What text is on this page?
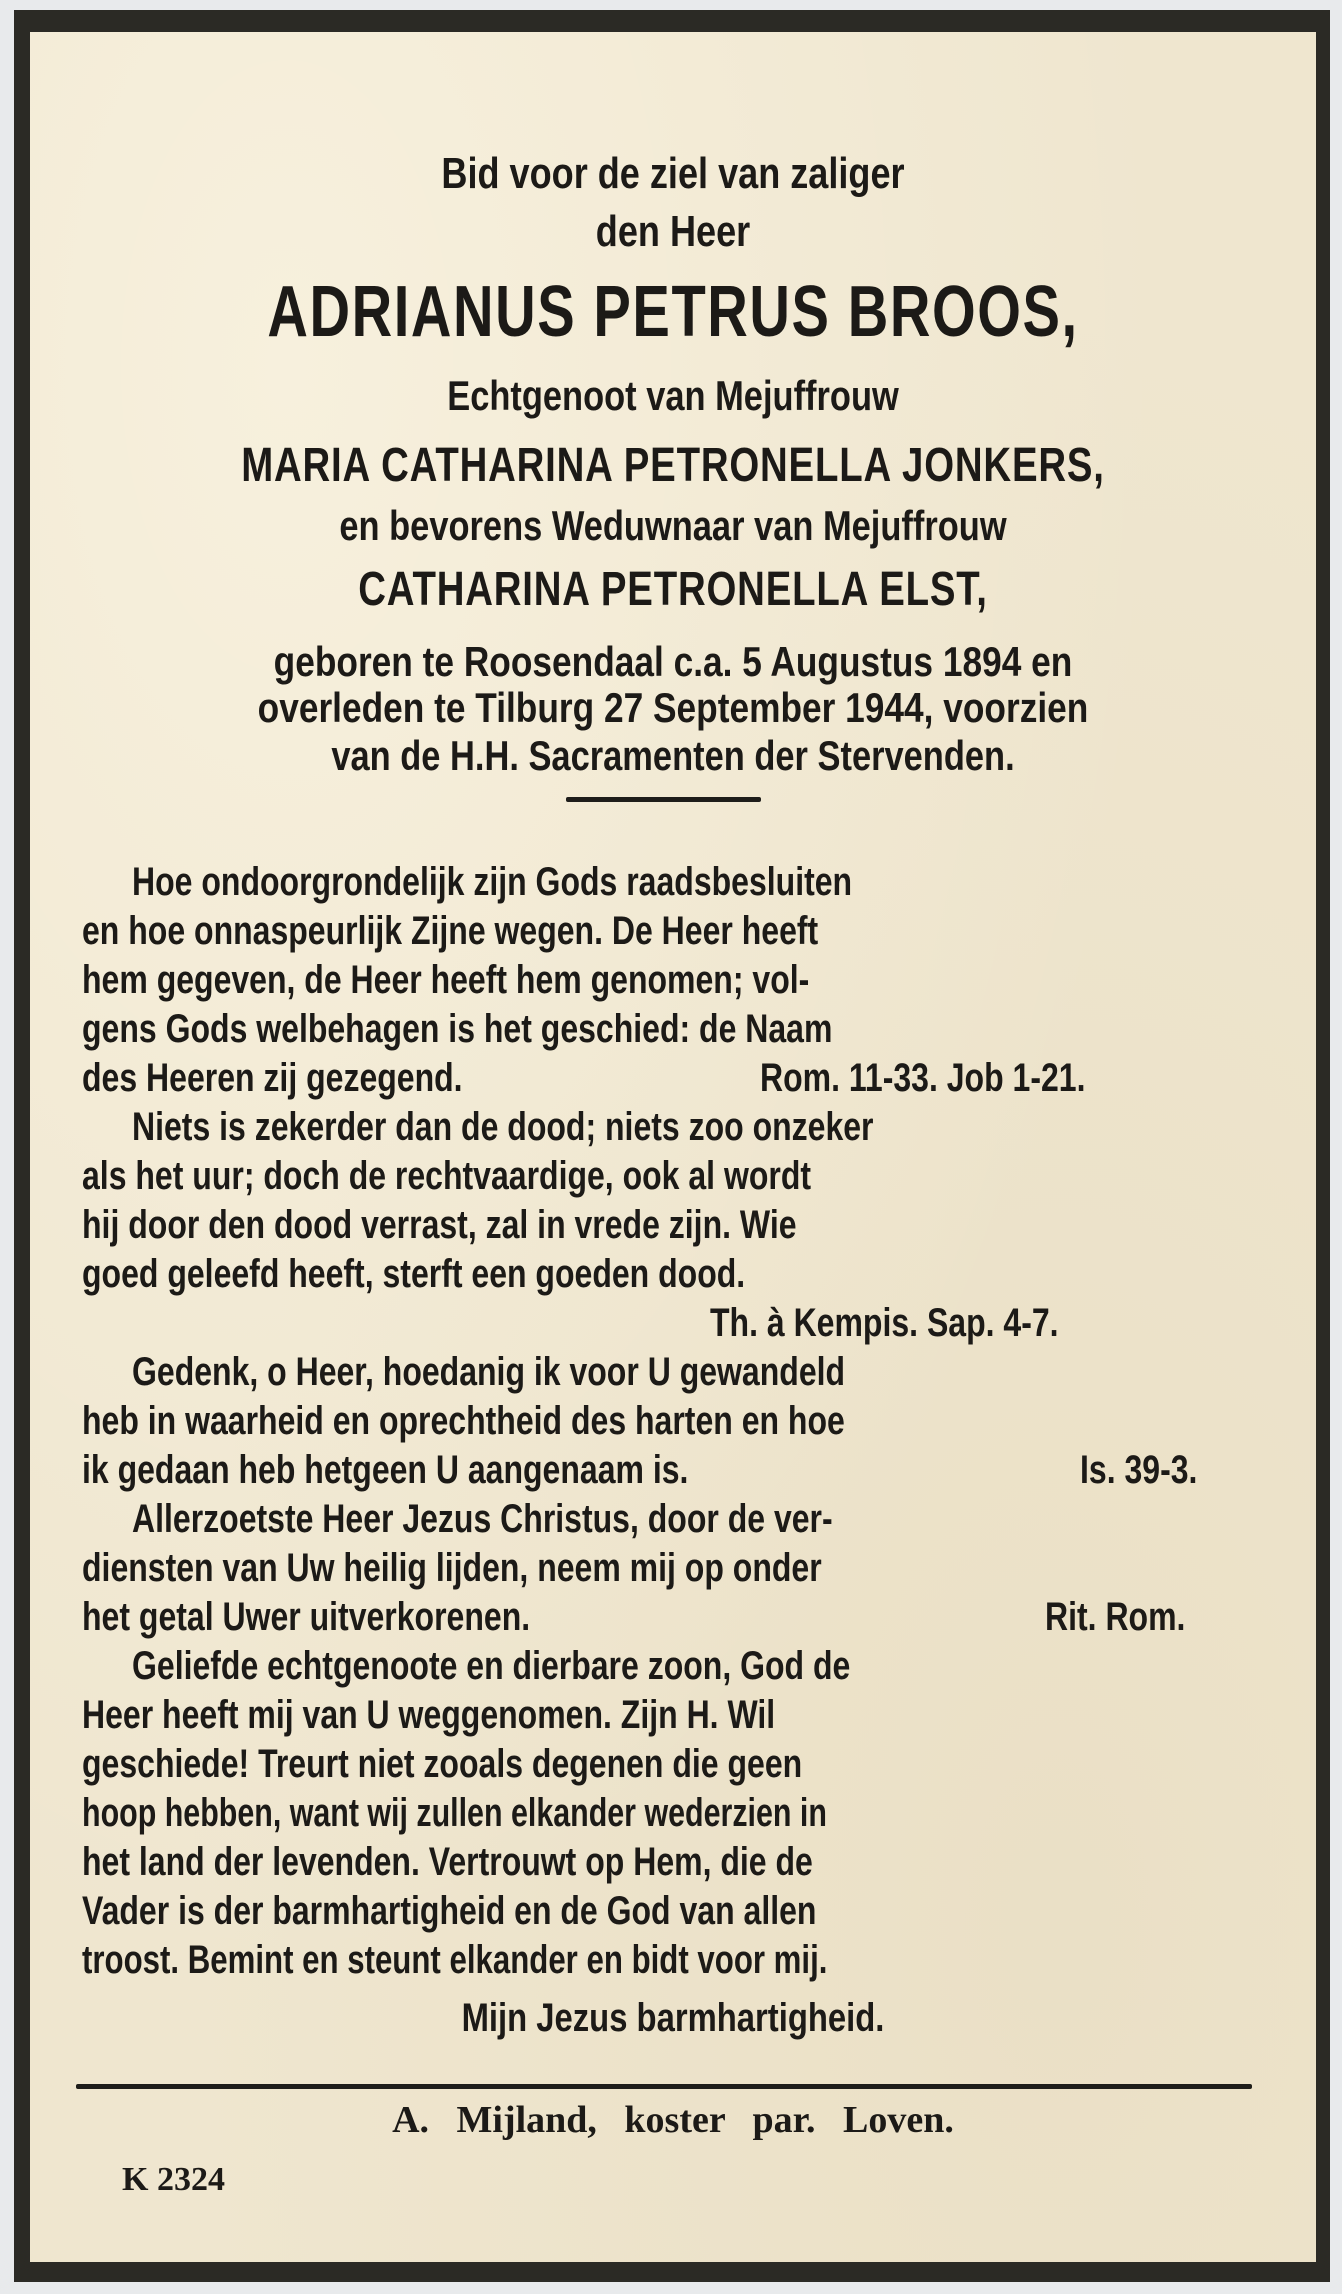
Bid voor de ziel van zaliger
den Heer
ADRIANUS PETRUS BROOS,
Echtgenoot van Mejuffrouw
MARIA CATHARINA PETRONELLA JONKERS,
en bevorens Weduwnaar van Mejuffrouw
CATHARINA PETRONELLA ELST,
geboren te Roosendaal c.a. 5 Augustus 1894 en
overleden te Tilburg 27 September 1944, voorzien
van de H.H. Sacramenten der Stervenden.
Hoe ondoorgrondelijk zijn Gods raadsbesluiten
en hoe onnaspeurlijk Zijne wegen. De Heer heeft
hem gegeven, de Heer heeft hem genomen; vol-
gens Gods welbehagen is het geschied: de Naam
des Heeren zij gezegend.	Rom. 11-33. Job 1-21.
Niets is zekerder dan de dood; niets zoo onzeker
als het uur; doch de rechtvaardige, ook al wordt
hij door den dood verrast, zal in vrede zijn. Wie
goed geleefd heeft, sterft een goeden dood.
Th. à Kempis. Sap. 4-7.
Gedenk, o Heer, hoedanig ik voor U gewandeld
heb in waarheid en oprechtheid des harten en hoe
ik gedaan heb hetgeen U aangenaam is.	Is. 39-3.
Allerzoetste Heer Jezus Christus, door de ver-
diensten van Uw heilig lijden, neem mij op onder
het getal Uwer uitverkorenen.	Rit. Rom.
Geliefde echtgenoote en dierbare zoon, God de
Heer heeft mij van U weggenomen. Zijn H. Wil
geschiede! Treurt niet zooals degenen die geen
hoop hebben, want wij zullen elkander wederzien in
het land der levenden. Vertrouwt op Hem, die de
Vader is der barmhartigheid en de God van allen
troost. Bemint en steunt elkander en bidt voor mij.
Mijn Jezus barmhartigheid.
A. Mijland, koster par. Loven.
K 2324
